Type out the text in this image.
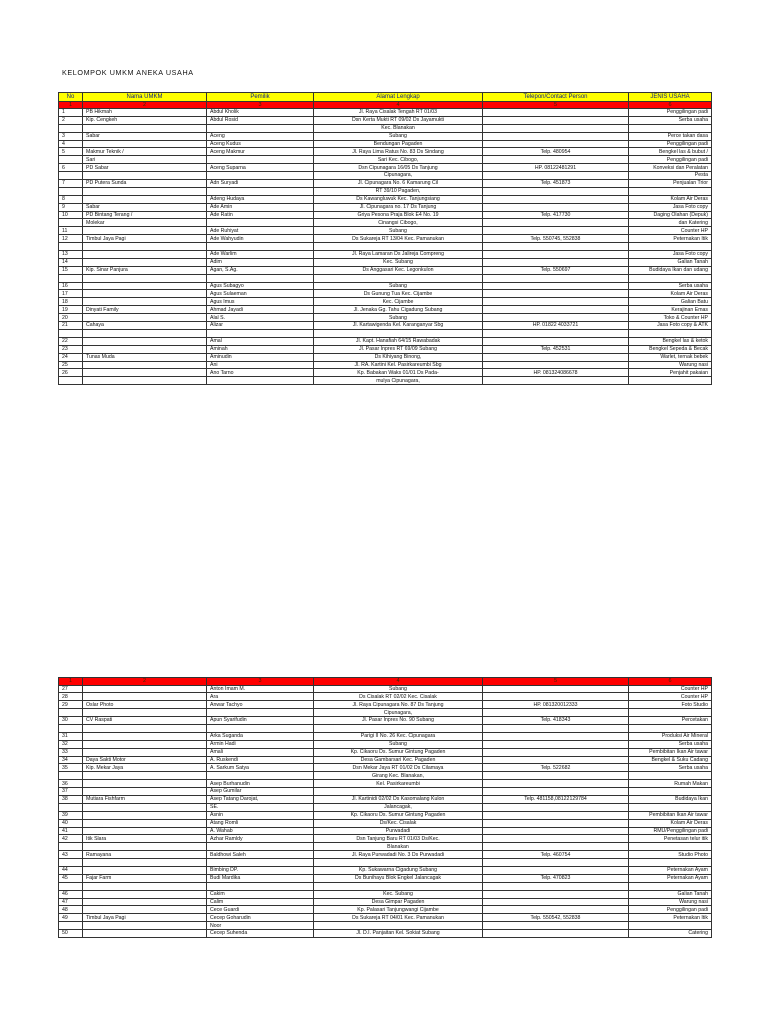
KELOMPOK UMKM ANEKA USAHA
No	Nama UMKM	Pemilik	Alamat Lengkap	Telepon/Contact Person	JENIS USAHA
1	2	3	4	5	6
1	PB Hikmah	Abdul Kholik	Jl. Raya Cisalak Tengah RT 01/03		Penggilingan padi
2	Kip. Cengkeh	Abdul Rosid	Dsn Kerta Mukti RT 09/02 Ds Jayamukti		Serba usaha
			Kec. Blanakan		
3	Sabar	Aceng	Subang		Perce takan dasa
4		Aceng Kudus	Bendungan Pagaden		Penggilingan padi
5	Makmur Teknik /	Aceng Makmur	Jl. Raya Lima Ratus No. 83 Ds Sindang	Telp. 480954	Bengkel las & bubut /
	Sari		Sari Kec. Cibogo,		Penggilingan padi
6	PD Sabar	Aceng Suparna	Dsn Cipunagara 16/05 Ds Tanjung	HP. 08122481291	Konveksi dan Peralatan
			Cipunagara,		Pesta
7	PD Putera Sunda	Adn Suryadi	Jl. Cipunagara No. 6 Kamarung Cil	Telp. 451873	Penjualan Trior
			RT 39/10 Pagaden,		
8		Adeng Hudaya	Ds Kawangluwuk Kec. Tanjungsiang		Kolam Air Deras
9	Sabar	Ade Amin	Jl. Cipunagara no. 17 Ds Tanjung		Jasa Foto copy
10	PD Bintang Terang /	Ade Ratin	Griya Pesona Praja Blok E4 No. 19	Telp. 417730	Daging Olahan (Depuk)
	Molekar		Cinangsi Cibogo,		dan Katering
11		Ade Ruhiyat	Subang		Counter HP
12	Timbul Jaya Pagi	Ade Wahyudin	Ds Sukareja RT 13/04 Kec. Pamanukan	Telp. 550745, 552838	Peternakan Itik

13		Ade Warlim	Jl. Raya Lamaran Ds Jalireja Compreng		Jasa Foto copy
14		Adim	Kec. Subang		Galian Tanah
15	Kip. Sinar Panjura	Agan, S.Ag.	Ds Anggasari Kec. Legonkulon	Telp. 550697	Budidaya Ikan dan udang

16		Agus Subagyo	Subang		Serba usaha
17		Agus Sulaeman	Ds Gunung Tua Kec. Cijambe		Kolam Air Deras
18		Agus Imus	Kec. Cijambe		Galian Batu
19	Dinyati Family	Ahmad Jayadi	Jl. Jenaka Gg. Tahu Cigadung Subang		Kerajinan Emas
20		Alal S.	Subang		Toko & Counter HP
21	Cahaya	Alizar	Jl. Kartawigenda Kel. Karanganyar Sbg	HP. 01822 4033721	Jasa Foto copy & ATK

22		Amal	Jl. Kapt. Hanafiah 64/15 Rawabadak		Bengkel las & ketok
23		Aminah	Jl. Pasar Inpres RT 69/09 Subang	Telp. 452531	Bengkel Sepeda & Becak
24	Tunas Muda	Aminudin	Ds Kihiyang Binong,		Warlet, ternak bebek
25		Ani	Jl. RA. Kartini Kel. Pasirkareumbi Sbg		Warung nasi
26		Ano Tarno	Kp. Babakan Waks 01/01 Ds Pada-	HP. 081324086678	Penjahit pakaian
			mulya Cipunagara,		
1	2	3	4	5	6
27		Anton Imam M.	Subang		Counter HP
28		Ara	Ds Cisalak RT 02/02 Kec. Cisalak		Counter HP
29	Oslar Photo	Anwar Tachyo	Jl. Raya Cipunagara No. 87 Ds Tanjung	HP. 081320012333	Foto Studio
			Cipunagara,		
30	CV Raspati	Apun Syarifudin	Jl. Pasar Inpres No. 90 Subang	Telp. 418343	Percetakan

31		Arka Suganda	Parigi II No. 26 Kec. Cipunagara		Produksi Air Mineral
32		Armin Hadi	Subang		Serba usaha
33		Amali	Kp. Cikaoru Ds. Sumur Gintung Pagaden		Pembibitan Ikan Air tawar
34	Daya Sakti Motor	A. Ruskendi	Desa Gambarsari Kec. Pagaden		Bengkel & Suku Cadang
35	Kip. Mekar Jaya	A. Sarkum Satya	Dsn Mekar Jaya RT 01/02 Ds Cilamaya	Telp. 522682	Serba usaha
			Girang Kec. Blanakan,		
36		Asep Burhanudin	Kel. Pasirkareumbi		Rumah Makan
37		Asep Gumilar			
38	Mutiara Fishfarm	Asep Tatang Darojat,	Jl. Kartinidi 02/02 Ds Kasomalang Kulon	Telp. 481158,08122129784	Budidaya Ikan
		SE.	Jalancagak,		
39		Asnin	Kp. Cikaoru Ds. Sumur Gintung Pagaden		Pembibitan Ikan Air tawar
40		Atang Romli	Ds/Kec. Cisalak		Kolam Air Deras
41		A. Wahab	Purwadadi		RMU/Penggilingan padi
42	Itik Slara	Azhar Ramldy	Dsn Tanjung Baru RT 01/03 Ds/Kec.		Penetasan telur itik
			Blanakan		
43	Ramayana	Baldhowi Saleh	Jl. Raya Purwadadi No. 3 Ds Purwadadi	Telp. 460754	Studio Photo

44		Bimbing DP.	Kp. Sukawarna Cigadung Subang		Peternakan Ayam
45	Fajar Farm	Budi Mardika	Ds Bunihayu Blok Engkel Jalancagak	Telp. 470823	Peternakan Ayam

46		Cakim	Kec. Subang		Galian Tanah
47		Calim	Desa Gimpar Pagaden		Warung nasi
48		Cece Guardi	Kp. Palasari Tanjungwangi Cijambe		Penggilingan padi
49	Timbul Jaya Pagi	Cecep Goharudin	Ds Sukareja RT 04/01 Kec. Pamanukan	Telp. 550542, 552838	Peternakan Itik
		Noor			
50		Cecep Suhenda	Jl. D.I. Panjaitan Kel. Sokiat Subang		Catering
